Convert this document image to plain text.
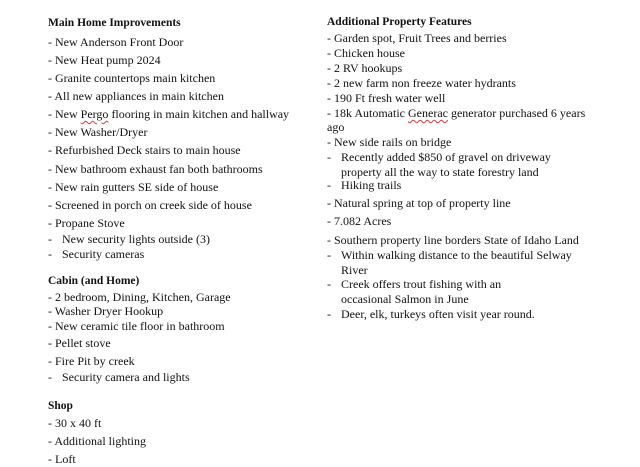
Main Home Improvements
- New Anderson Front Door
- New Heat pump 2024
- Granite countertops main kitchen
- All new appliances in main kitchen
- New Pergo flooring in main kitchen and hallway
- New Washer/Dryer
- Refurbished Deck stairs to main house
- New bathroom exhaust fan both bathrooms
- New rain gutters SE side of house
- Screened in porch on creek side of house
- Propane Stove
- New security lights outside (3)
- Security cameras
Cabin (and Home)
- 2 bedroom, Dining, Kitchen, Garage
- Washer Dryer Hookup
- New ceramic tile floor in bathroom
- Pellet stove
- Fire Pit by creek
- Security camera and lights
Shop
- 30 x 40 ft
- Additional lighting
- Loft
Additional Property Features
- Garden spot, Fruit Trees and berries
- Chicken house
- 2 RV hookups
- 2 new farm non freeze water hydrants
- 190 Ft fresh water well
- 18k Automatic Generac generator purchased 6 years
ago
- New side rails on bridge
- Recently added $850 of gravel on driveway property all the way to state forestry land
- Hiking trails
- Natural spring at top of property line
- 7.082 Acres
- Southern property line borders State of Idaho Land
- Within walking distance to the beautiful Selway River
- Creek offers trout fishing with an occasional Salmon in June
- Deer, elk, turkeys often visit year round.
